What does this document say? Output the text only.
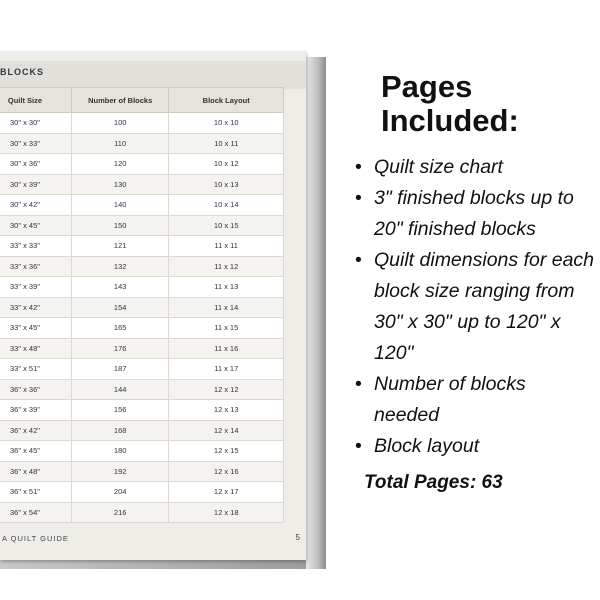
BLOCKS
Quilt Size	Number of Blocks	Block Layout
30" x 30"	100	10 x 10
30" x 33"	110	10 x 11
30" x 36"	120	10 x 12
30" x 39"	130	10 x 13
30" x 42"	140	10 x 14
30" x 45"	150	10 x 15
33" x 33"	121	11 x 11
33" x 36"	132	11 x 12
33" x 39"	143	11 x 13
33" x 42"	154	11 x 14
33" x 45"	165	11 x 15
33" x 48"	176	11 x 16
33" x 51"	187	11 x 17
36" x 36"	144	12 x 12
36" x 39"	156	12 x 13
36" x 42"	168	12 x 14
36" x 45"	180	12 x 15
36" x 48"	192	12 x 16
36" x 51"	204	12 x 17
36" x 54"	216	12 x 18
A QUILT GUIDE	5
Pages
Included:
• Quilt size chart
• 3" finished blocks up to 20" finished blocks
• Quilt dimensions for each block size ranging from 30" x 30" up to 120" x 120"
• Number of blocks needed
• Block layout
Total Pages: 63
